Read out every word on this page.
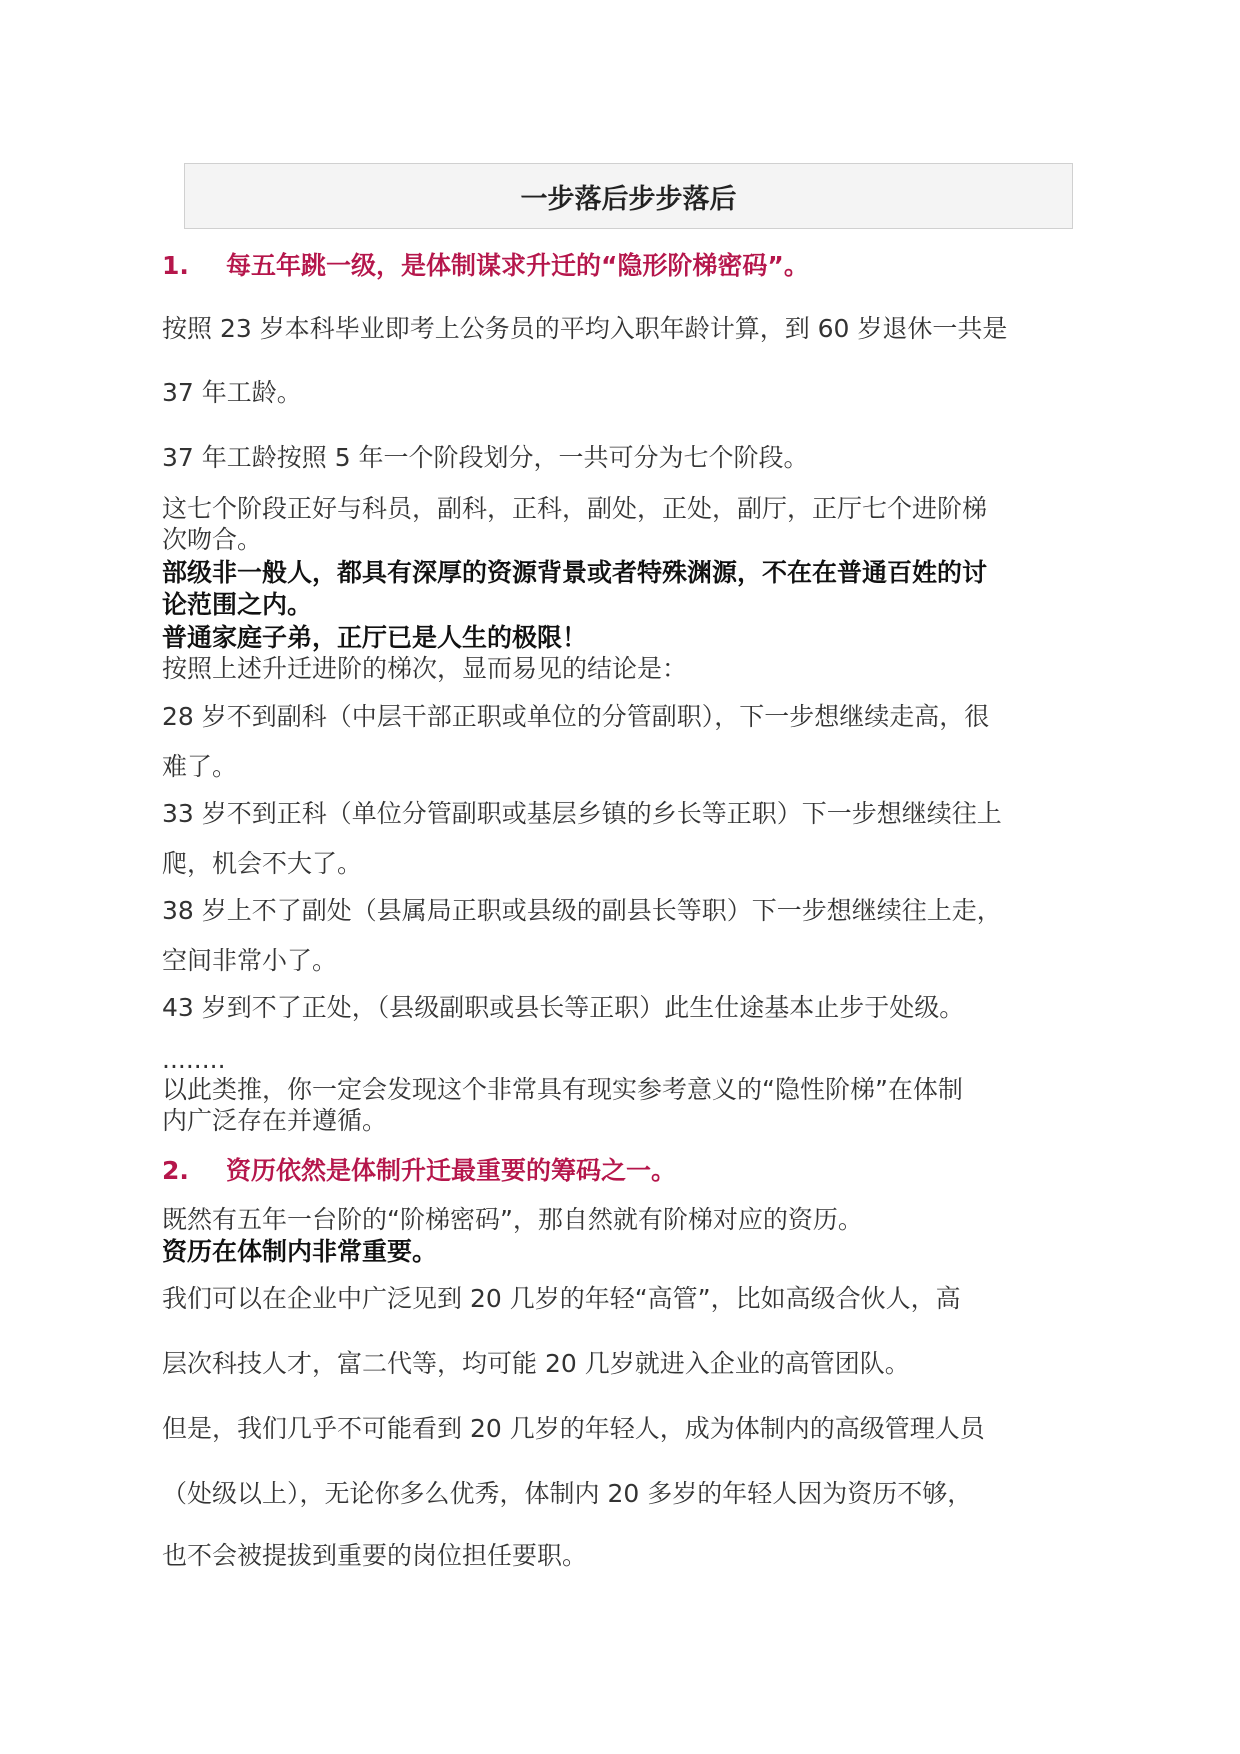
一步落后步步落后
1. 每五年跳一级，是体制谋求升迁的“隐形阶梯密码”。
按照 23 岁本科毕业即考上公务员的平均入职年龄计算，到 60 岁退休一共是
37 年工龄。
37 年工龄按照 5 年一个阶段划分，一共可分为七个阶段。
这七个阶段正好与科员，副科，正科，副处，正处，副厅，正厅七个进阶梯
次吻合。
部级非一般人，都具有深厚的资源背景或者特殊渊源，不在在普通百姓的讨
论范围之内。
普通家庭子弟，正厅已是人生的极限！
按照上述升迁进阶的梯次，显而易见的结论是：
28 岁不到副科（中层干部正职或单位的分管副职），下一步想继续走高，很
难了。
33 岁不到正科（单位分管副职或基层乡镇的乡长等正职）下一步想继续往上
爬，机会不大了。
38 岁上不了副处（县属局正职或县级的副县长等职）下一步想继续往上走，
空间非常小了。
43 岁到不了正处，（县级副职或县长等正职）此生仕途基本止步于处级。
........
以此类推，你一定会发现这个非常具有现实参考意义的“隐性阶梯”在体制
内广泛存在并遵循。
2. 资历依然是体制升迁最重要的筹码之一。
既然有五年一台阶的“阶梯密码”，那自然就有阶梯对应的资历。
资历在体制内非常重要。
我们可以在企业中广泛见到 20 几岁的年轻“高管”，比如高级合伙人，高
层次科技人才，富二代等，均可能 20 几岁就进入企业的高管团队。
但是，我们几乎不可能看到 20 几岁的年轻人，成为体制内的高级管理人员
（处级以上），无论你多么优秀，体制内 20 多岁的年轻人因为资历不够，
也不会被提拔到重要的岗位担任要职。
